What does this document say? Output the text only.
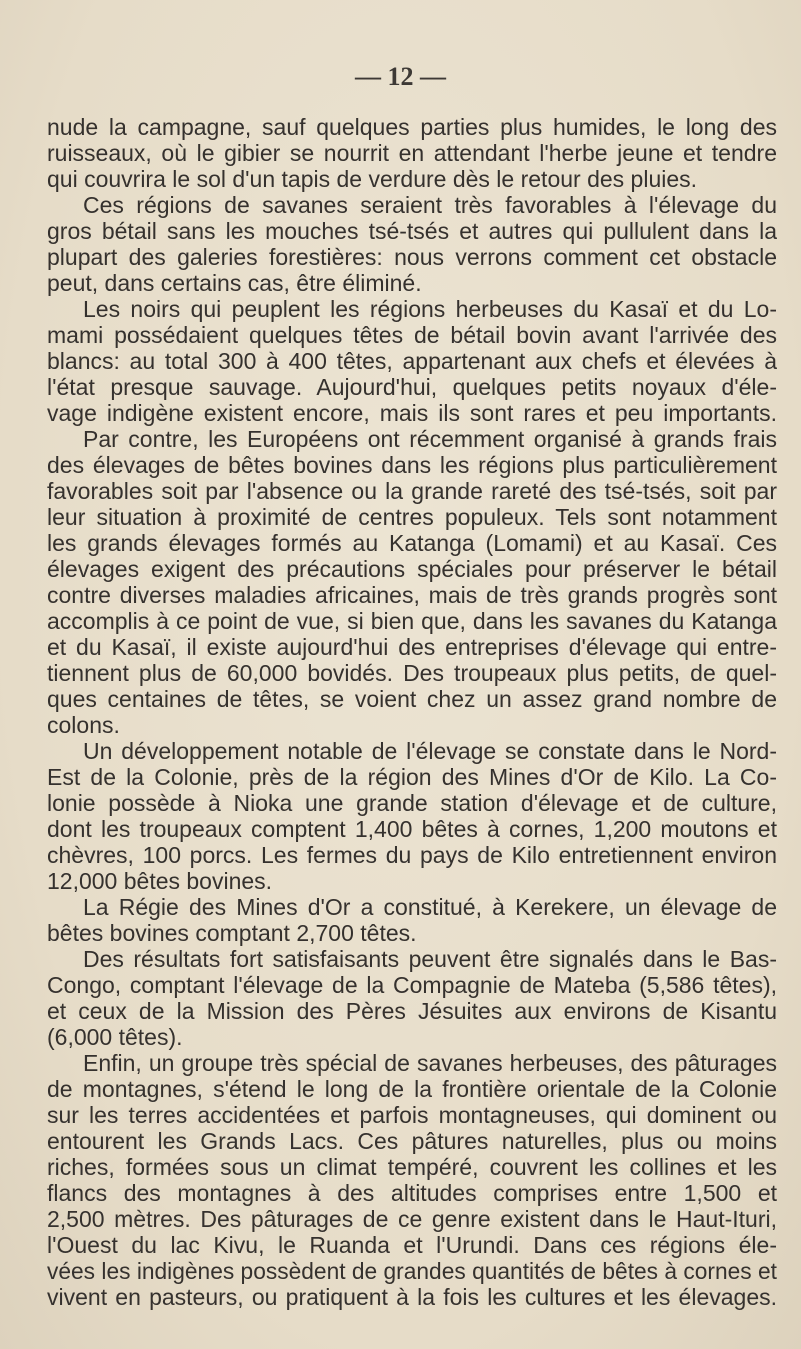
— 12 —
nude la campagne, sauf quelques parties plus humides, le long des
ruisseaux, où le gibier se nourrit en attendant l'herbe jeune et tendre
qui couvrira le sol d'un tapis de verdure dès le retour des pluies.
Ces régions de savanes seraient très favorables à l'élevage du
gros bétail sans les mouches tsé-tsés et autres qui pullulent dans la
plupart des galeries forestières: nous verrons comment cet obstacle
peut, dans certains cas, être éliminé.
Les noirs qui peuplent les régions herbeuses du Kasaï et du Lo-
mami possédaient quelques têtes de bétail bovin avant l'arrivée des
blancs: au total 300 à 400 têtes, appartenant aux chefs et élevées à
l'état presque sauvage. Aujourd'hui, quelques petits noyaux d'éle-
vage indigène existent encore, mais ils sont rares et peu importants.
Par contre, les Européens ont récemment organisé à grands frais
des élevages de bêtes bovines dans les régions plus particulièrement
favorables soit par l'absence ou la grande rareté des tsé-tsés, soit par
leur situation à proximité de centres populeux. Tels sont notamment
les grands élevages formés au Katanga (Lomami) et au Kasaï. Ces
élevages exigent des précautions spéciales pour préserver le bétail
contre diverses maladies africaines, mais de très grands progrès sont
accomplis à ce point de vue, si bien que, dans les savanes du Katanga
et du Kasaï, il existe aujourd'hui des entreprises d'élevage qui entre-
tiennent plus de 60,000 bovidés. Des troupeaux plus petits, de quel-
ques centaines de têtes, se voient chez un assez grand nombre de
colons.
Un développement notable de l'élevage se constate dans le Nord-
Est de la Colonie, près de la région des Mines d'Or de Kilo. La Co-
lonie possède à Nioka une grande station d'élevage et de culture,
dont les troupeaux comptent 1,400 bêtes à cornes, 1,200 moutons et
chèvres, 100 porcs. Les fermes du pays de Kilo entretiennent environ
12,000 bêtes bovines.
La Régie des Mines d'Or a constitué, à Kerekere, un élevage de
bêtes bovines comptant 2,700 têtes.
Des résultats fort satisfaisants peuvent être signalés dans le Bas-
Congo, comptant l'élevage de la Compagnie de Mateba (5,586 têtes),
et ceux de la Mission des Pères Jésuites aux environs de Kisantu
(6,000 têtes).
Enfin, un groupe très spécial de savanes herbeuses, des pâturages
de montagnes, s'étend le long de la frontière orientale de la Colonie
sur les terres accidentées et parfois montagneuses, qui dominent ou
entourent les Grands Lacs. Ces pâtures naturelles, plus ou moins
riches, formées sous un climat tempéré, couvrent les collines et les
flancs des montagnes à des altitudes comprises entre 1,500 et
2,500 mètres. Des pâturages de ce genre existent dans le Haut-Ituri,
l'Ouest du lac Kivu, le Ruanda et l'Urundi. Dans ces régions éle-
vées les indigènes possèdent de grandes quantités de bêtes à cornes et
vivent en pasteurs, ou pratiquent à la fois les cultures et les élevages.
